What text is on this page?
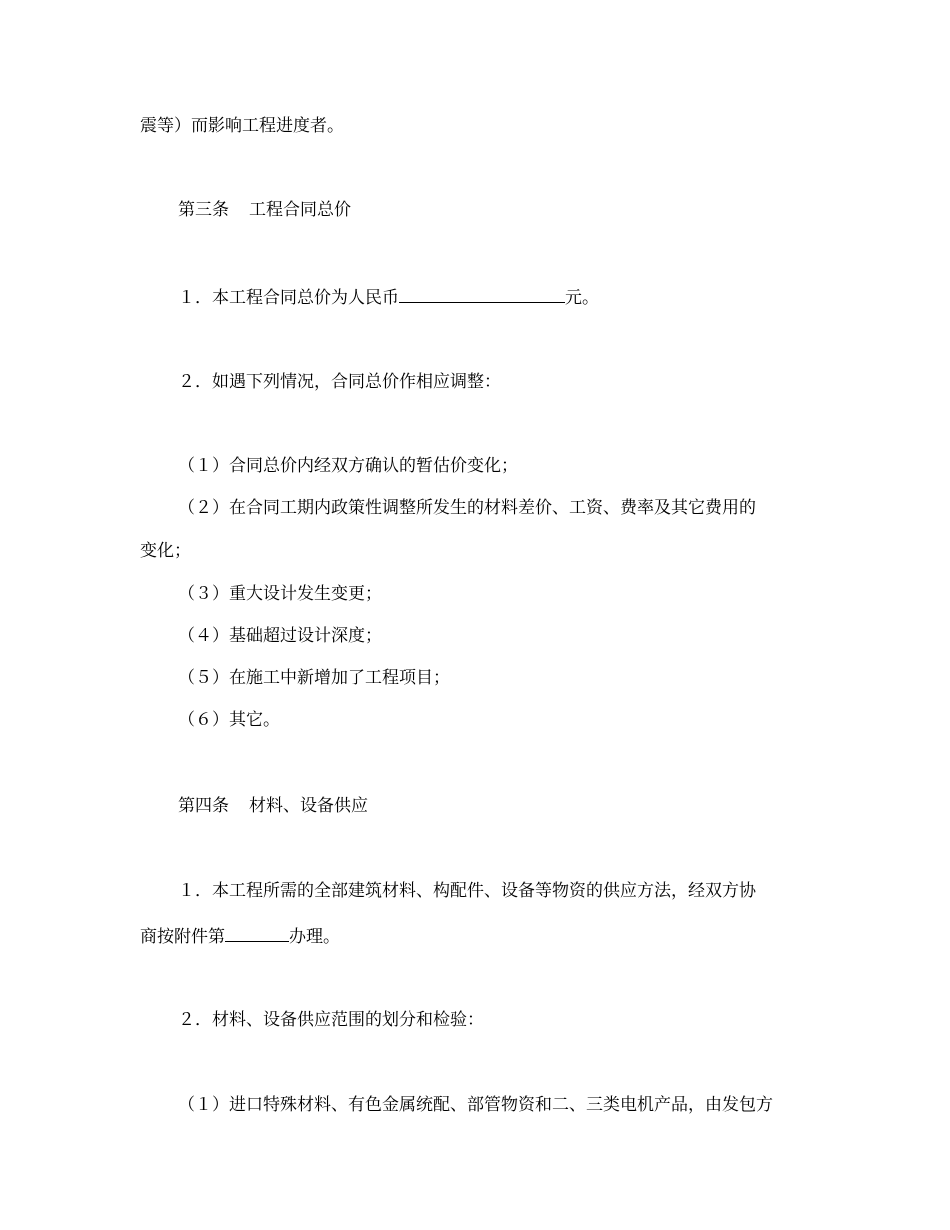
震等）而影响工程进度者。
第三条 工程合同总价
１．本工程合同总价为人民币	元。
２．如遇下列情况，合同总价作相应调整：
（１）合同总价内经双方确认的暂估价变化；
（２）在合同工期内政策性调整所发生的材料差价、工资、费率及其它费用的
变化；
（３）重大设计发生变更；
（４）基础超过设计深度；
（５）在施工中新增加了工程项目；
（６）其它。
第四条 材料、设备供应
１．本工程所需的全部建筑材料、构配件、设备等物资的供应方法，经双方协
商按附件第	办理。
２．材料、设备供应范围的划分和检验：
（１）进口特殊材料、有色金属统配、部管物资和二、三类电机产品，由发包方
